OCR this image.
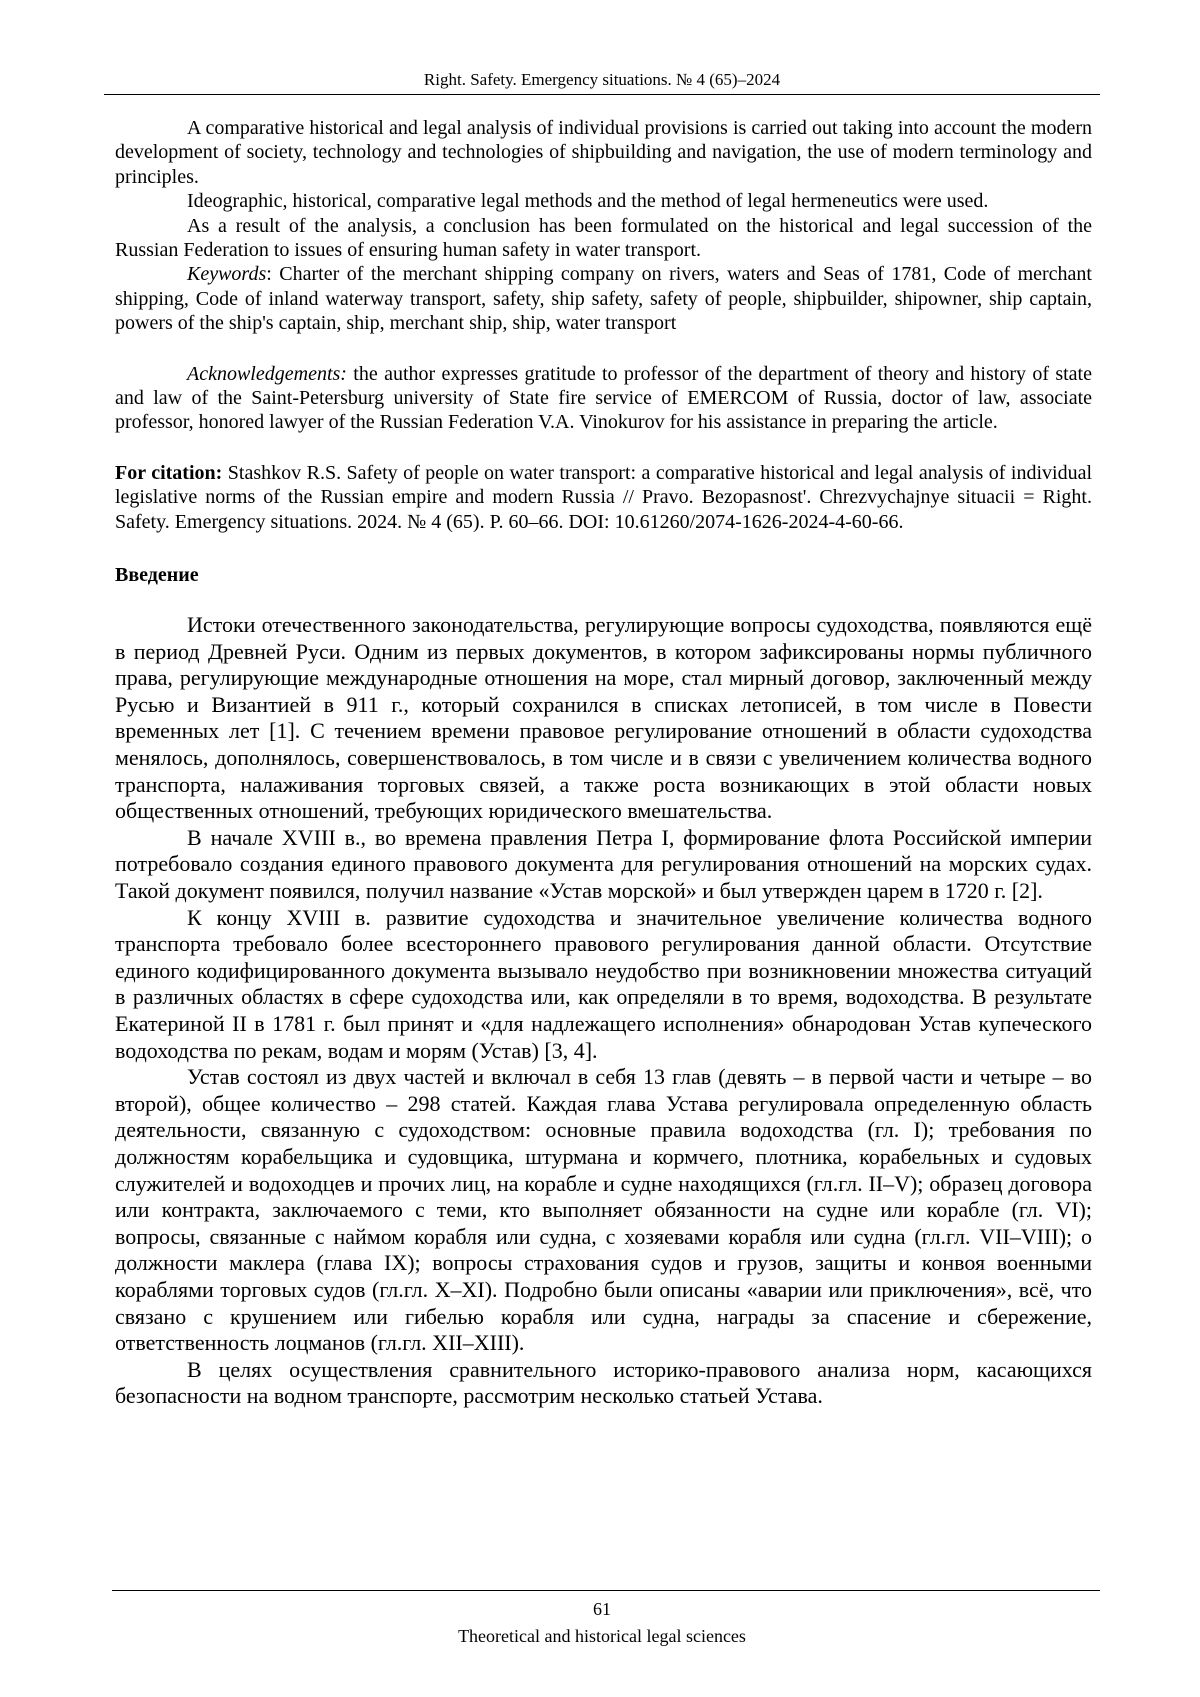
Right. Safety. Emergency situations. № 4 (65)–2024

A comparative historical and legal analysis of individual provisions is carried out taking into account the modern development of society, technology and technologies of shipbuilding and navigation, the use of modern terminology and principles.

Ideographic, historical, comparative legal methods and the method of legal hermeneutics were used.

As a result of the analysis, a conclusion has been formulated on the historical and legal succession of the Russian Federation to issues of ensuring human safety in water transport.

Keywords: Charter of the merchant shipping company on rivers, waters and Seas of 1781, Code of merchant shipping, Code of inland waterway transport, safety, ship safety, safety of people, shipbuilder, shipowner, ship captain, powers of the ship's captain, ship, merchant ship, ship, water transport

Acknowledgements: the author expresses gratitude to professor of the department of theory and history of state and law of the Saint-Petersburg university of State fire service of EMERCOM of Russia, doctor of law, associate professor, honored lawyer of the Russian Federation V.A. Vinokurov for his assistance in preparing the article.

For citation: Stashkov R.S. Safety of people on water transport: a comparative historical and legal analysis of individual legislative norms of the Russian empire and modern Russia // Pravo. Bezopasnost'. Chrezvychajnye situacii = Right. Safety. Emergency situations. 2024. № 4 (65). P. 60–66. DOI: 10.61260/2074-1626-2024-4-60-66.

Введение

Истоки отечественного законодательства, регулирующие вопросы судоходства, появляются ещё в период Древней Руси. Одним из первых документов, в котором зафиксированы нормы публичного права, регулирующие международные отношения на море, стал мирный договор, заключенный между Русью и Византией в 911 г., который сохранился в списках летописей, в том числе в Повести временных лет [1]. С течением времени правовое регулирование отношений в области судоходства менялось, дополнялось, совершенствовалось, в том числе и в связи с увеличением количества водного транспорта, налаживания торговых связей, а также роста возникающих в этой области новых общественных отношений, требующих юридического вмешательства.

В начале XVIII в., во времена правления Петра I, формирование флота Российской империи потребовало создания единого правового документа для регулирования отношений на морских судах. Такой документ появился, получил название «Устав морской» и был утвержден царем в 1720 г. [2].

К концу XVIII в. развитие судоходства и значительное увеличение количества водного транспорта требовало более всестороннего правового регулирования данной области. Отсутствие единого кодифицированного документа вызывало неудобство при возникновении множества ситуаций в различных областях в сфере судоходства или, как определяли в то время, водоходства. В результате Екатериной II в 1781 г. был принят и «для надлежащего исполнения» обнародован Устав купеческого водоходства по рекам, водам и морям (Устав) [3, 4].

Устав состоял из двух частей и включал в себя 13 глав (девять – в первой части и четыре – во второй), общее количество – 298 статей. Каждая глава Устава регулировала определенную область деятельности, связанную с судоходством: основные правила водоходства (гл. I); требования по должностям корабельщика и судовщика, штурмана и кормчего, плотника, корабельных и судовых служителей и водоходцев и прочих лиц, на корабле и судне находящихся (гл.гл. II–V); образец договора или контракта, заключаемого с теми, кто выполняет обязанности на судне или корабле (гл. VI); вопросы, связанные с наймом корабля или судна, с хозяевами корабля или судна (гл.гл. VII–VIII); о должности маклера (глава IX); вопросы страхования судов и грузов, защиты и конвоя военными кораблями торговых судов (гл.гл. X–XI). Подробно были описаны «аварии или приключения», всё, что связано с крушением или гибелью корабля или судна, награды за спасение и сбережение, ответственность лоцманов (гл.гл. XII–XIII).

В целях осуществления сравнительного историко-правового анализа норм, касающихся безопасности на водном транспорте, рассмотрим несколько статьей Устава.

61
Theoretical and historical legal sciences
